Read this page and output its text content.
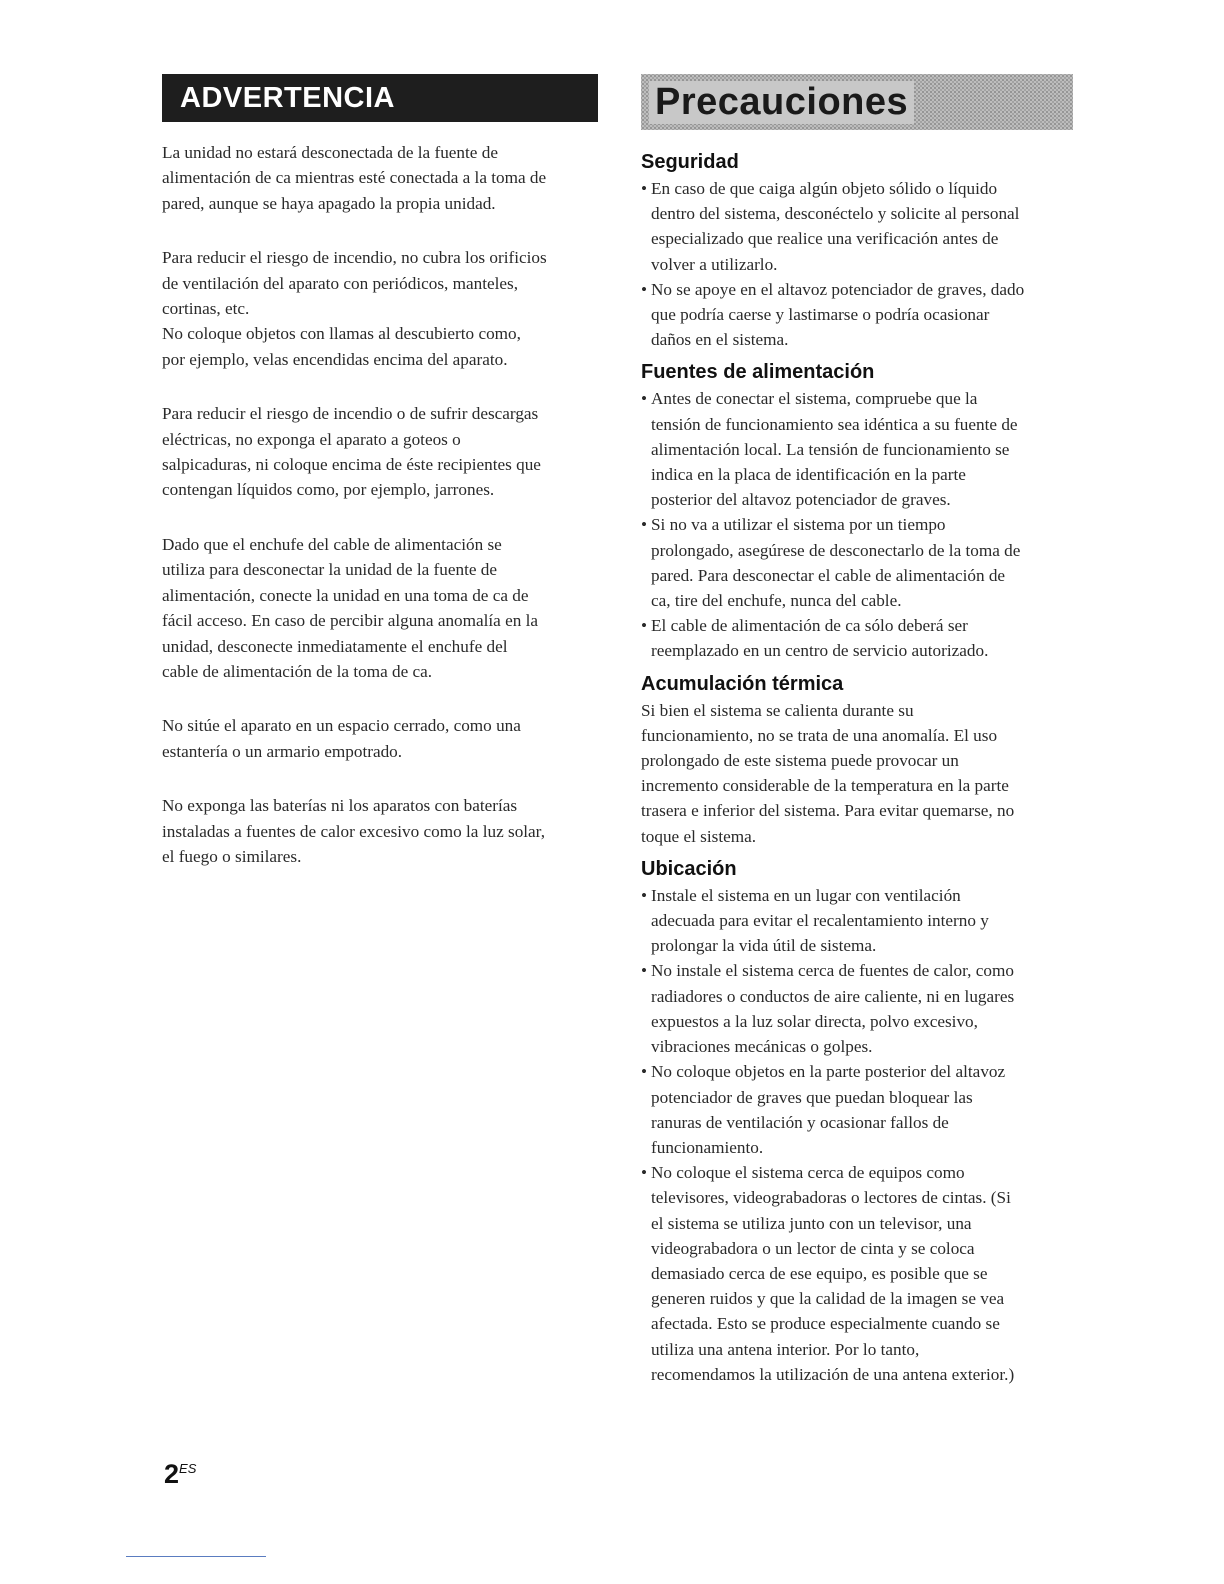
ADVERTENCIA

La unidad no estará desconectada de la fuente de
alimentación de ca mientras esté conectada a la toma de
pared, aunque se haya apagado la propia unidad.

Para reducir el riesgo de incendio, no cubra los orificios
de ventilación del aparato con periódicos, manteles,
cortinas, etc.
No coloque objetos con llamas al descubierto como,
por ejemplo, velas encendidas encima del aparato.

Para reducir el riesgo de incendio o de sufrir descargas
eléctricas, no exponga el aparato a goteos o
salpicaduras, ni coloque encima de éste recipientes que
contengan líquidos como, por ejemplo, jarrones.

Dado que el enchufe del cable de alimentación se
utiliza para desconectar la unidad de la fuente de
alimentación, conecte la unidad en una toma de ca de
fácil acceso. En caso de percibir alguna anomalía en la
unidad, desconecte inmediatamente el enchufe del
cable de alimentación de la toma de ca.

No sitúe el aparato en un espacio cerrado, como una
estantería o un armario empotrado.

No exponga las baterías ni los aparatos con baterías
instaladas a fuentes de calor excesivo como la luz solar,
el fuego o similares.

Precauciones
Seguridad
• En caso de que caiga algún objeto sólido o líquido
dentro del sistema, desconéctelo y solicite al personal
especializado que realice una verificación antes de
volver a utilizarlo.
• No se apoye en el altavoz potenciador de graves, dado
que podría caerse y lastimarse o podría ocasionar
daños en el sistema.
Fuentes de alimentación
• Antes de conectar el sistema, compruebe que la
tensión de funcionamiento sea idéntica a su fuente de
alimentación local. La tensión de funcionamiento se
indica en la placa de identificación en la parte
posterior del altavoz potenciador de graves.
• Si no va a utilizar el sistema por un tiempo
prolongado, asegúrese de desconectarlo de la toma de
pared. Para desconectar el cable de alimentación de
ca, tire del enchufe, nunca del cable.
• El cable de alimentación de ca sólo deberá ser
reemplazado en un centro de servicio autorizado.
Acumulación térmica

Si bien el sistema se calienta durante su
funcionamiento, no se trata de una anomalía. El uso
prolongado de este sistema puede provocar un
incremento considerable de la temperatura en la parte
trasera e inferior del sistema. Para evitar quemarse, no
toque el sistema.

Ubicación
• Instale el sistema en un lugar con ventilación
adecuada para evitar el recalentamiento interno y
prolongar la vida útil de sistema.
• No instale el sistema cerca de fuentes de calor, como
radiadores o conductos de aire caliente, ni en lugares
expuestos a la luz solar directa, polvo excesivo,
vibraciones mecánicas o golpes.
• No coloque objetos en la parte posterior del altavoz
potenciador de graves que puedan bloquear las
ranuras de ventilación y ocasionar fallos de
funcionamiento.
• No coloque el sistema cerca de equipos como
televisores, videograbadoras o lectores de cintas. (Si
el sistema se utiliza junto con un televisor, una
videograbadora o un lector de cinta y se coloca
demasiado cerca de ese equipo, es posible que se
generen ruidos y que la calidad de la imagen se vea
afectada. Esto se produce especialmente cuando se
utiliza una antena interior. Por lo tanto,
recomendamos la utilización de una antena exterior.)
$2^{ES}$
